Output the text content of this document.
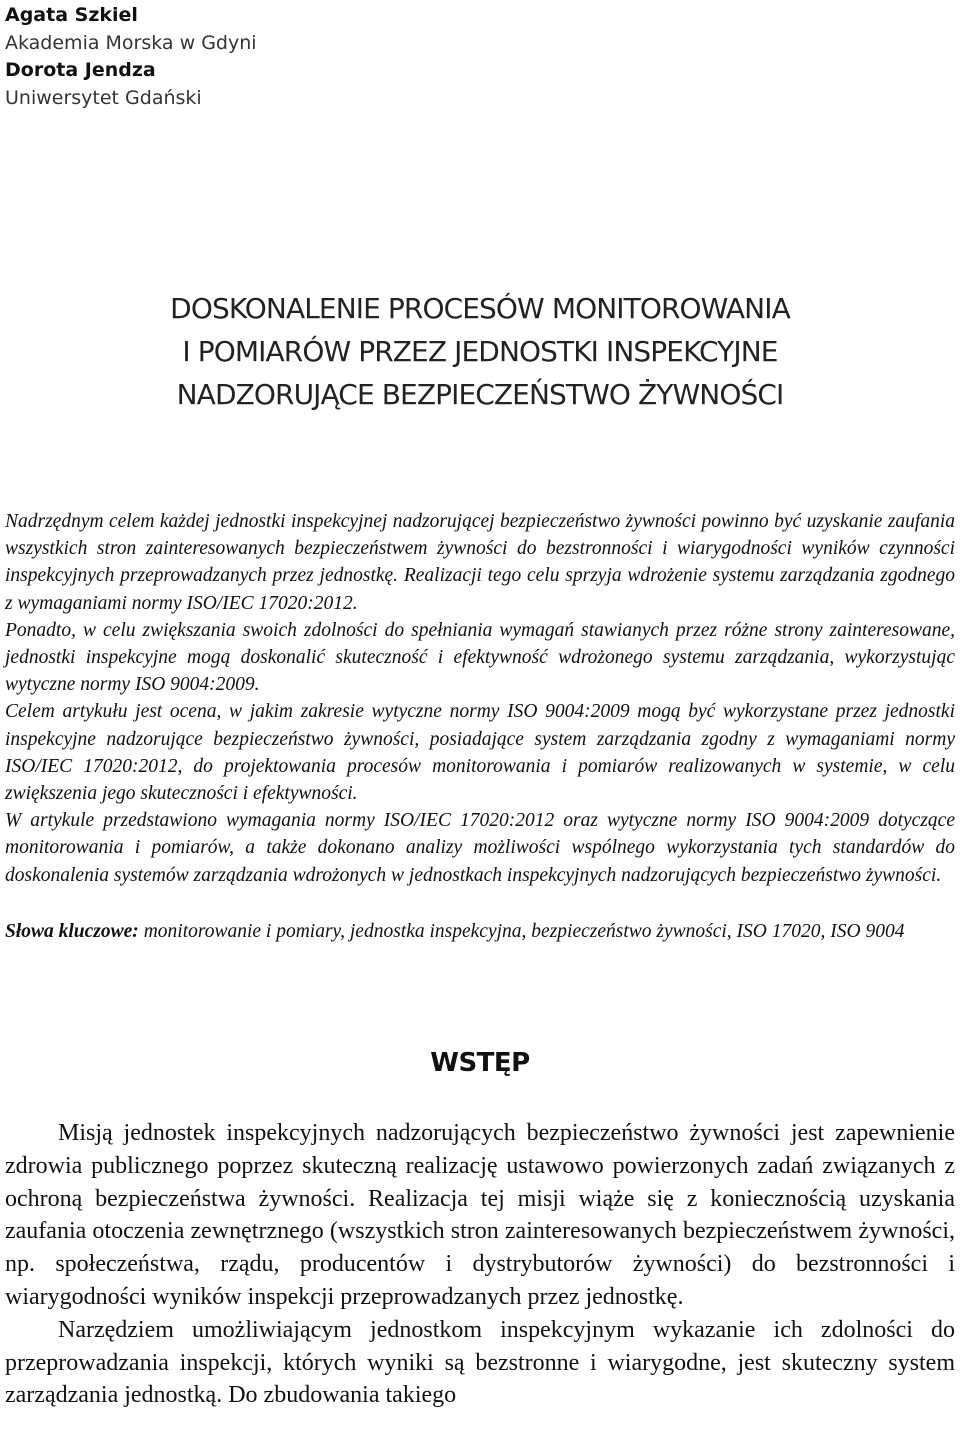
Agata Szkiel
Akademia Morska w Gdyni
Dorota Jendza
Uniwersytet Gdański
DOSKONALENIE PROCESÓW MONITOROWANIA
I POMIARÓW PRZEZ JEDNOSTKI INSPEKCYJNE
NADZORUJĄCE BEZPIECZEŃSTWO ŻYWNOŚCI

Nadrzędnym celem każdej jednostki inspekcyjnej nadzorującej bezpieczeństwo żywności powinno być uzyskanie zaufania wszystkich stron zainteresowanych bezpieczeństwem żywności do bezstronności i wiarygodności wyników czynności inspekcyjnych przeprowadzanych przez jednostkę. Realizacji tego celu sprzyja wdrożenie systemu zarządzania zgodnego z wymaganiami normy ISO/IEC 17020:2012.

Ponadto, w celu zwiększania swoich zdolności do spełniania wymagań stawianych przez różne strony zainteresowane, jednostki inspekcyjne mogą doskonalić skuteczność i efektywność wdrożonego systemu zarządzania, wykorzystując wytyczne normy ISO 9004:2009.

Celem artykułu jest ocena, w jakim zakresie wytyczne normy ISO 9004:2009 mogą być wykorzystane przez jednostki inspekcyjne nadzorujące bezpieczeństwo żywności, posiadające system zarządzania zgodny z wymaganiami normy ISO/IEC 17020:2012, do projektowania procesów monitorowania i pomiarów realizowanych w systemie, w celu zwiększenia jego skuteczności i efektywności.

W artykule przedstawiono wymagania normy ISO/IEC 17020:2012 oraz wytyczne normy ISO 9004:2009 dotyczące monitorowania i pomiarów, a także dokonano analizy możliwości wspólnego wykorzystania tych standardów do doskonalenia systemów zarządzania wdrożonych w jednostkach inspekcyjnych nadzorujących bezpieczeństwo żywności.

Słowa kluczowe: monitorowanie i pomiary, jednostka inspekcyjna, bezpieczeństwo żywności, ISO 17020, ISO 9004
WSTĘP

Misją jednostek inspekcyjnych nadzorujących bezpieczeństwo żywności jest zapewnienie zdrowia publicznego poprzez skuteczną realizację ustawowo powierzonych zadań związanych z ochroną bezpieczeństwa żywności. Realizacja tej misji wiąże się z koniecznością uzyskania zaufania otoczenia zewnętrznego (wszystkich stron zainteresowanych bezpieczeństwem żywności, np. społeczeństwa, rządu, producentów i dystrybutorów żywności) do bezstronności i wiarygodności wyników inspekcji przeprowadzanych przez jednostkę.

Narzędziem umożliwiającym jednostkom inspekcyjnym wykazanie ich zdolności do przeprowadzania inspekcji, których wyniki są bezstronne i wiarygodne, jest skuteczny system zarządzania jednostką. Do zbudowania takiego
